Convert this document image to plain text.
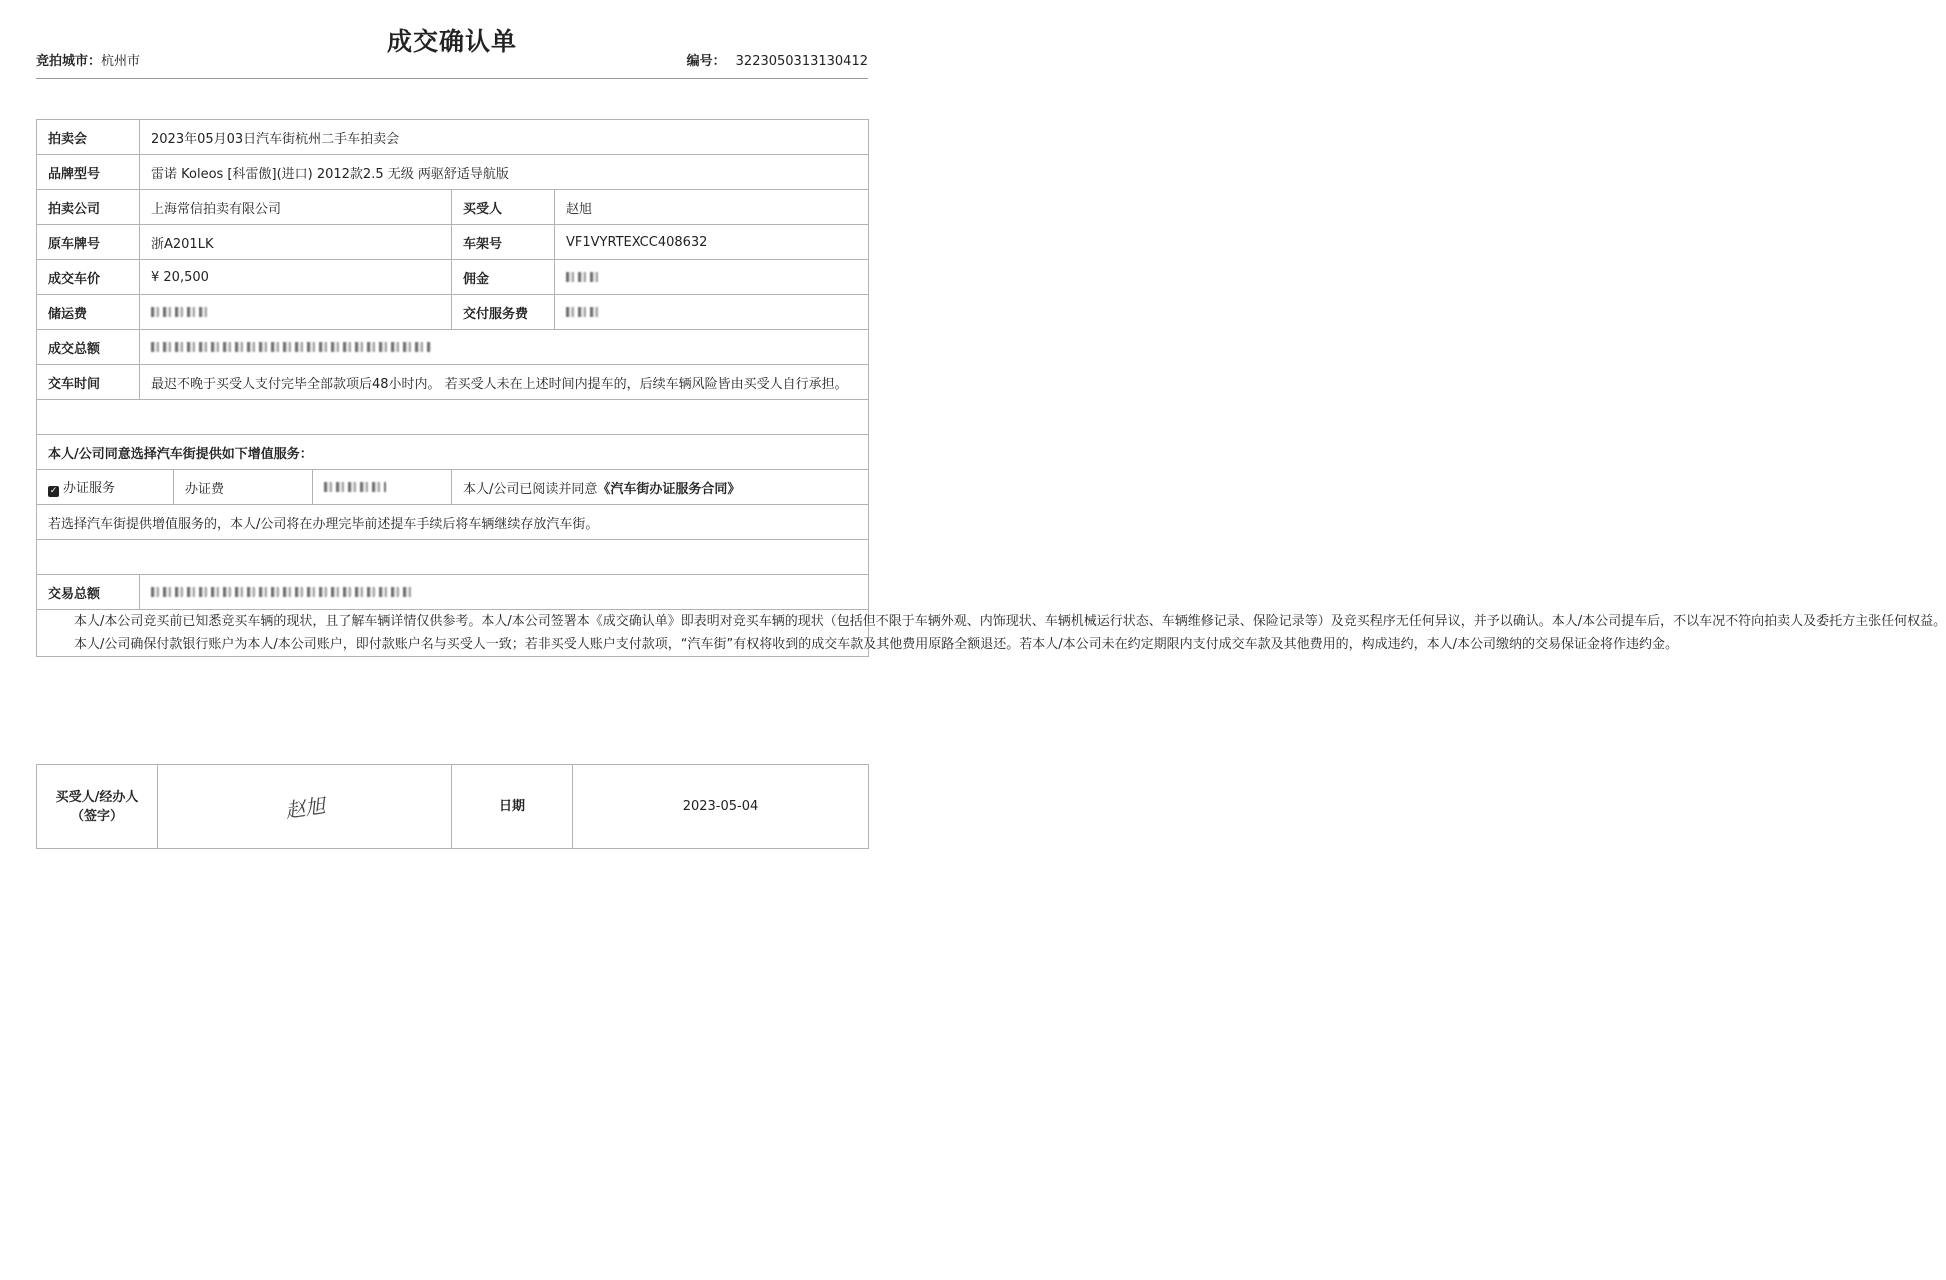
竞拍城市：杭州市
成交确认单
编号： 3223050313130412
拍卖会	2023年05月03日汽车街杭州二手车拍卖会				
品牌型号	雷诺 Koleos [科雷傲](进口) 2012款2.5 无级 两驱舒适导航版				
拍卖公司	上海常信拍卖有限公司			买受人	赵旭
原车牌号	浙A201LK			车架号	VF1VYRTEXCC408632
成交车价	¥ 20,500			佣金	
储运费				交付服务费	
成交总额					
交车时间	最迟不晚于买受人支付完毕全部款项后48小时内。 若买受人未在上述时间内提车的，后续车辆风险皆由买受人自行承担。				

本人/公司同意选择汽车街提供如下增值服务：					
✓ 办证服务		办证费		本人/公司已阅读并同意《汽车街办证服务合同》	
若选择汽车街提供增值服务的，本人/公司将在办理完毕前述提车手续后将车辆继续存放汽车街。					

交易总额					

本人/本公司竞买前已知悉竞买车辆的现状，且了解车辆详情仅供参考。本人/本公司签署本《成交确认单》即表明对竞买车辆的现状（包括但不限于车辆外观、内饰现状、车辆机械运行状态、车辆维修记录、保险记录等）及竞买程序无任何异议，并予以确认。本人/本公司提车后，不以车况不符向拍卖人及委托方主张任何权益。

本人/公司确保付款银行账户为本人/本公司账户，即付款账户名与买受人一致；若非买受人账户支付款项，“汽车街”有权将收到的成交车款及其他费用原路全额退还。若本人/本公司未在约定期限内支付成交车款及其他费用的，构成违约，本人/本公司缴纳的交易保证金将作违约金。					

买受人/经办人
（签字）	赵旭	日期	2023-05-04
